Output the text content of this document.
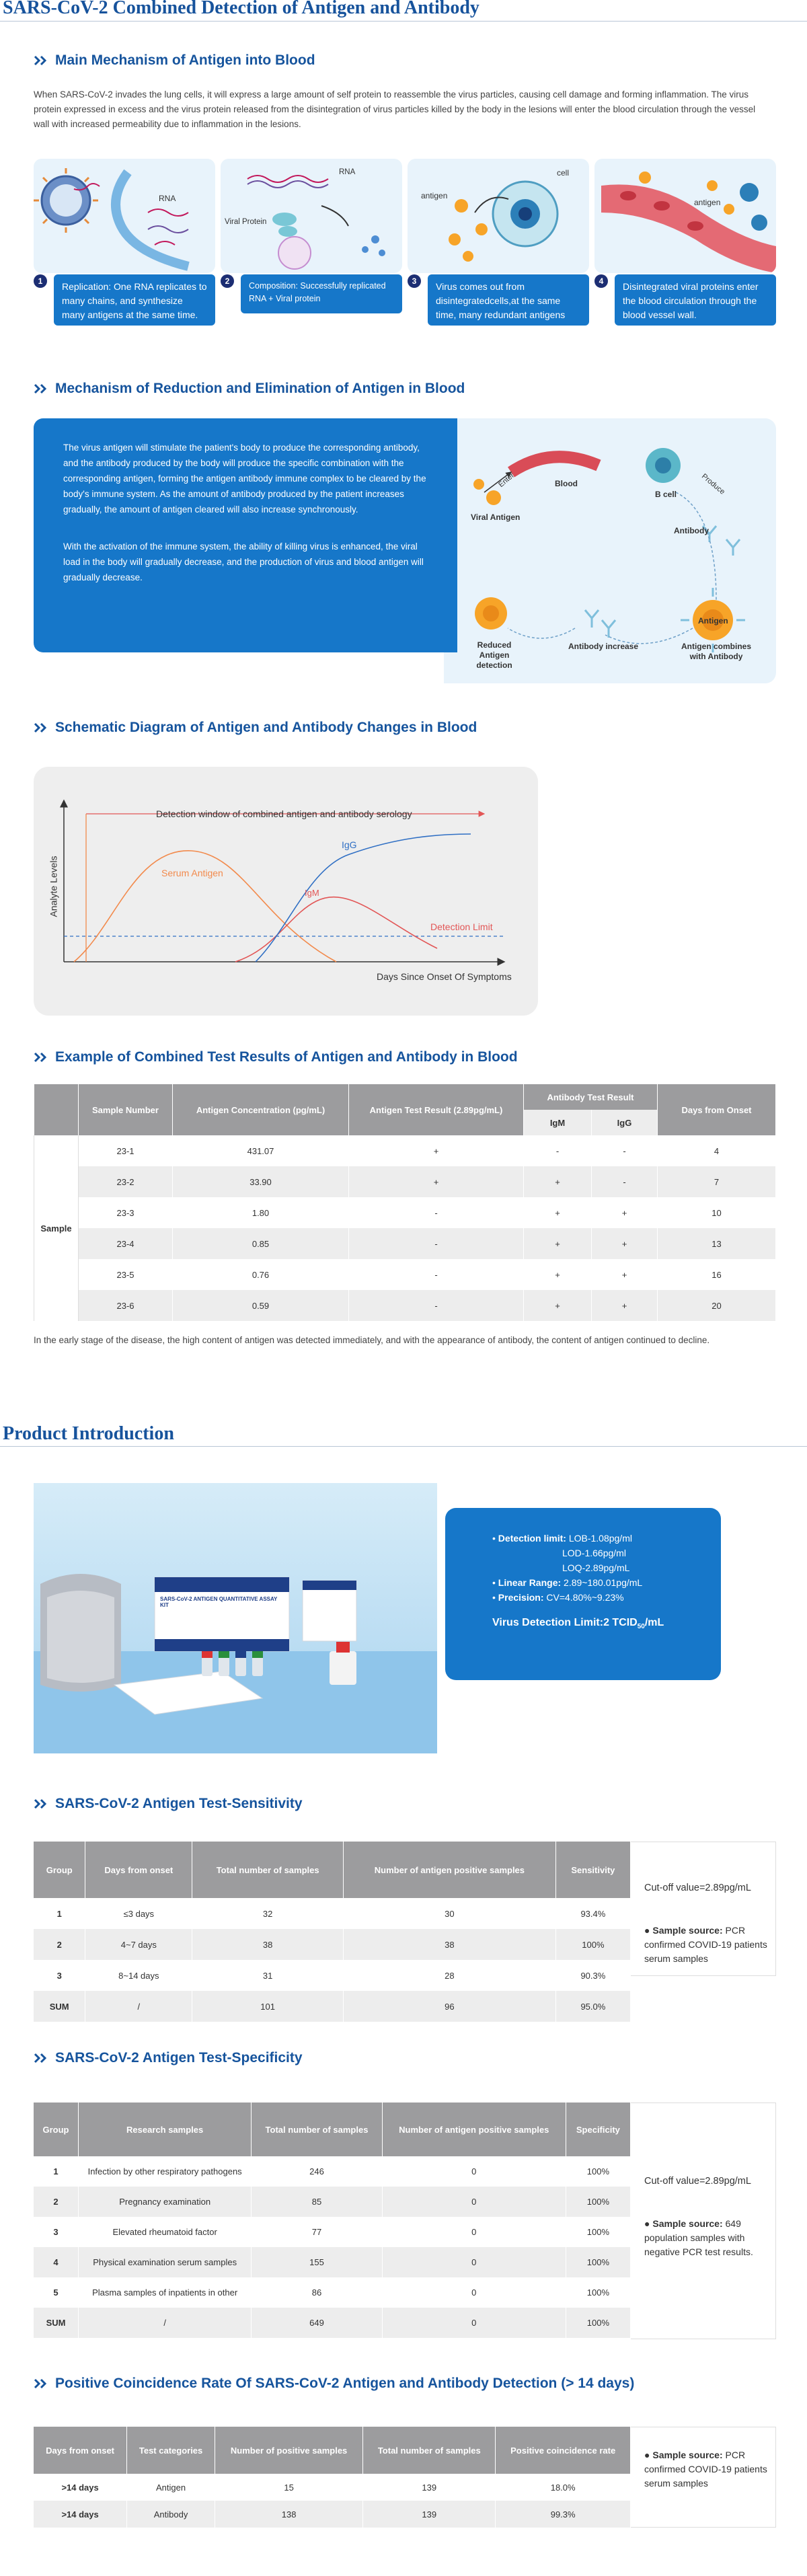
SARS-CoV-2 Combined Detection of Antigen and Antibody
Main Mechanism of Antigen into Blood

When SARS-CoV-2 invades the lung cells, it will express a large amount of self protein to reassemble the virus particles, causing cell damage and forming inflammation. The virus protein expressed in excess and the virus protein released from the disintegration of virus particles killed by the body in the lesions will enter the blood circulation through the vessel wall with increased permeability due to inflammation in the lesions.

RNA
1	Replication: One RNA replicates to many chains, and synthesize many antigens at the same time.
Viral Protein
RNA
2	Composition: Successfully replicated RNA + Viral protein
antigen
cell
3	Virus comes out from disintegratedcells,at the same time, many redundant antigens come our.
antigen
4	Disintegrated viral proteins enter the blood circulation through the blood vessel wall.
Mechanism of Reduction and Elimination of Antigen in Blood
Blood
Enter
Viral Antigen
B cell	Produce
Antibody
Antigen
Reduced Antigen detection
Antibody increase	Antigen combines with Antibody

The virus antigen will stimulate the patient's body to produce the corresponding antibody, and the antibody produced by the body will produce the specific combination with the corresponding antigen, forming the antigen antibody immune complex to be cleared by the body's immune system. As the amount of antibody produced by the patient increases gradually, the amount of antigen cleared will also increase synchronously.

With the activation of the immune system, the ability of killing virus is enhanced, the viral load in the body will gradually decrease, and the production of virus and blood antigen will gradually decrease.

Schematic Diagram of Antigen and Antibody Changes in Blood
Detection window of combined antigen and antibody serology
Serum Antigen
IgG
IgM
Detection Limit
Days Since Onset Of Symptoms
Analyte Levels
Example of Combined Test Results of Antigen and Antibody in Blood
	Sample Number	Antigen Concentration (pg/mL)	Antigen Test Result (2.89pg/mL)	Antibody Test Result		Days from Onset
				IgM	IgG	
Sample	23-1	431.07	+	-	-	4
	23-2	33.90	+	+	-	7
	23-3	1.80	-	+	+	10
	23-4	0.85	-	+	+	13
	23-5	0.76	-	+	+	16
	23-6	0.59	-	+	+	20

In the early stage of the disease, the high content of antigen was detected immediately, and with the appearance of antibody, the content of antigen continued to decline.

Product Introduction
SARS-CoV-2 ANTIGEN QUANTITATIVE ASSAY KIT
• Detection limit: LOB-1.08pg/ml
LOD-1.66pg/ml
LOQ-2.89pg/mL
• Linear Range: 2.89~180.01pg/mL
• Precision: CV=4.80%~9.23%
Virus Detection Limit:2 $TCID_{50}/mL$
SARS-CoV-2 Antigen Test-Sensitivity
Group	Days from onset	Total number of samples	Number of antigen positive samples	Sensitivity
1	≤3 days	32	30	93.4%
2	4~7 days	38	38	100%
3	8~14 days	31	28	90.3%
SUM	/	101	96	95.0%
Cut-off value=2.89pg/mL
● Sample source: PCR confirmed COVID-19 patients serum samples
SARS-CoV-2 Antigen Test-Specificity
Group	Research samples	Total number of samples	Number of antigen positive samples	Specificity
1	Infection by other respiratory pathogens	246	0	100%
2	Pregnancy examination	85	0	100%
3	Elevated rheumatoid factor	77	0	100%
4	Physical examination serum samples	155	0	100%
5	Plasma samples of inpatients in other	86	0	100%
SUM	/	649	0	100%
Cut-off value=2.89pg/mL
● Sample source: 649 population samples with negative PCR test results.
Positive Coincidence Rate Of SARS-CoV-2 Antigen and Antibody Detection (> 14 days)
Days from onset	Test categories	Number of positive samples	Total number of samples	Positive coincidence rate
>14 days	Antigen	15	139	18.0%
>14 days	Antibody	138	139	99.3%
● Sample source: PCR confirmed COVID-19 patients serum samples
